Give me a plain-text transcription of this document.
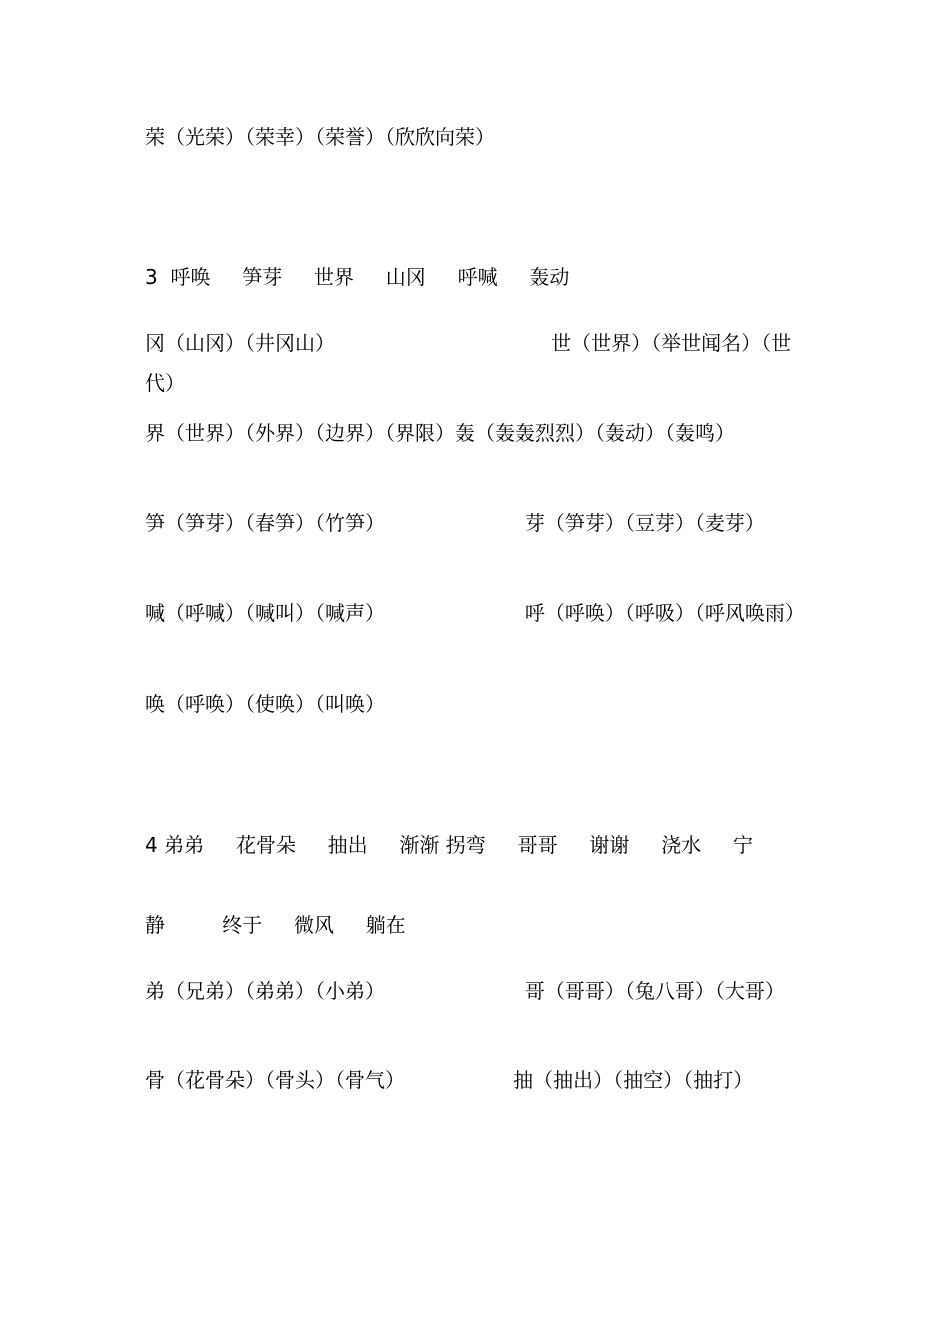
荣（光荣）（荣幸）（荣誉）（欣欣向荣）
3  呼唤     笋芽     世界     山冈     呼喊     轰动
冈（山冈）（井冈山）                                  世（世界）（举世闻名）（世代）
界（世界）（外界）（边界）（界限）轰（轰轰烈烈）（轰动）（轰鸣）
笋（笋芽）（春笋）（竹笋）                      芽（笋芽）（豆芽）（麦芽）
喊（呼喊）（喊叫）（喊声）                      呼（呼唤）（呼吸）（呼风唤雨）
唤（呼唤）（使唤）（叫唤）
4 弟弟     花骨朵     抽出     渐渐 拐弯     哥哥     谢谢     浇水     宁
静         终于     微风     躺在
弟（兄弟）（弟弟）（小弟）                      哥（哥哥）（兔八哥）（大哥）
骨（花骨朵）（骨头）（骨气）                 抽（抽出）（抽空）（抽打）
